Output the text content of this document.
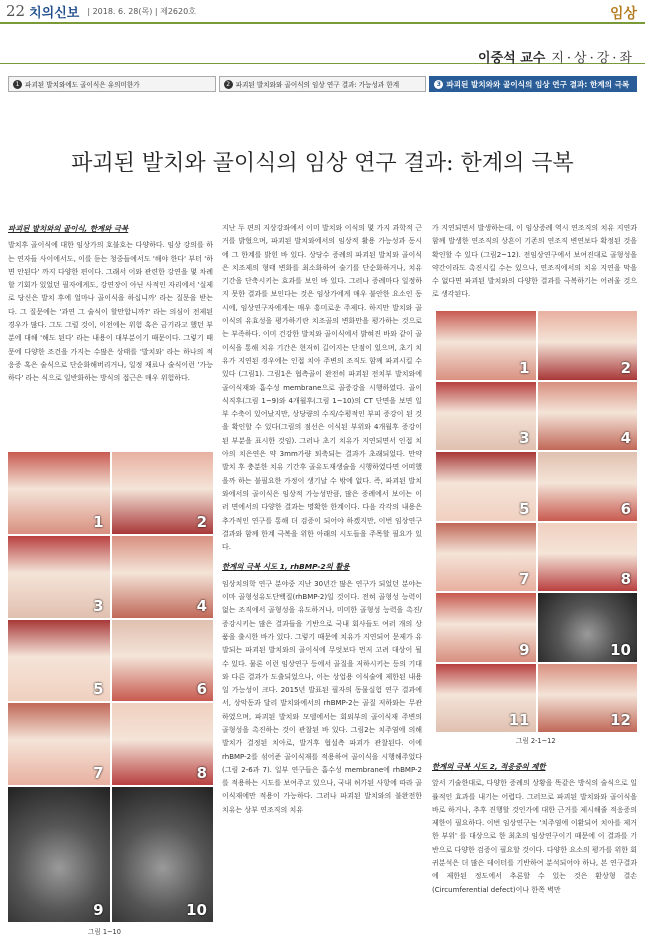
22 치의신보 | 2018. 6. 28(목) | 제2620호	임상
이중석 교수 지·상·강·좌
1 파괴된 발치와에도 골이식은 유의미한가	2 파괴된 발치와와 골이식의 임상 연구 결과: 가능성과 한계	3 파괴된 발치와와 골이식의 임상 연구 결과: 한계의 극복
파괴된 발치와 골이식의 임상 연구 결과: 한계의 극복
파괴된 발치와의 골이식, 한계와 극복
발치후 골이식에 대한 임상가의 호불호는 다양하다. 임상 강의를 하는 연자들 사이에서도, 이를 듣는 청중들에서도 '해야 한다' 부터 '하면 안된다' 까지 다양한 편이다. 그래서 이와 관련한 강연을 몇 차례 할 기회가 있었던 필자에게도, 강연장이 아닌 사적인 자리에서 '실제로 당신은 발치 후에 얼마나 골이식을 하십니까' 라는 질문을 받는다. 그 질문에는 '과연 그 술식이 할만합니까?' 라는 의심이 전제된 경우가 많다. 그도 그럴 것이, 이전에는 위험 혹은 금기라고 했던 부분에 대해 '해도 된다' 라는 내용이 대부분이기 때문이다. 그렇기 때문에 다양한 조건을 가지는 수많은 상태를 '발치와' 라는 하나의 적응증 혹은 술식으로 단순화해버리거나, 일정 재료나 술식이런 '가능하다' 라는 식으로 일반화하는 방식의 접근은 매우 위험하다.
1	2
3	4
5	6
7	8
9	10
그림 1~10
지난 두 편의 지상강좌에서 이미 발치와 이식의 몇 가지 과학적 근거를 밝혔으며, 파괴된 발치와에서의 임상적 활용 가능성과 동시에 그 한계를 밝힌 바 있다. 상당수 증례의 파괴된 발치와 골이식은 치조제의 형태 변화를 최소화하여 술기를 단순화하거나, 치유기간을 단축시키는 효과를 보인 바 있다. 그러나 증례마다 일정하지 못한 결과를 보인다는 것은 임상가에게 매우 불안한 요소인 동시에, 임상연구자에게는 매우 흥미로운 주제다. 하지만 발치와 골이식의 유효성을 평가하기란 치조골의 변화만을 평가하는 것으로는 부족하다. 이미 건강한 발치와 골이식에서 밝혀진 바와 같이 골이식을 통해 치유 기간은 현저히 길어지는 단점이 있으며, 초기 치유가 지연된 경우에는 인접 치아 주변의 조직도 함께 파괴시킬 수 있다 (그림1). 그림1은 협측골이 완전히 파괴된 전치부 발치와에 골이식재와 흡수성 membrane으로 골증강을 시행하였다. 골이식직후(그림 1~9)와 4개월후(그림 1~10)의 CT 단면을 보면 일부 수축이 있어났지만, 상당량의 수직/수평적인 부피 증강이 된 것을 확인할 수 있다(그림의 점선은 이식된 부위와 4개월후 증강이 된 부분을 표시한 것임). 그러나 초기 치유가 지연되면서 인접 치아의 치은연은 약 3mm가량 퇴축되는 결과가 초래되었다. 만약 발치 후 충분한 치유 기간후 골유도재생술을 시행하였다면 어떠했을까 하는 불필요한 가정이 생기날 수 밖에 없다. 즉, 파괴된 발치와에서의 골이식은 임상적 가능성만큼, 많은 증례에서 보이는 이러 면에서의 다양한 결과는 명확한 한계이다. 다음 각각의 내용은 추가적인 연구를 통해 더 검증이 되어야 하겠지만, 이번 임상연구 결과와 함께 한계 극복을 위한 아래의 시도들을 주목할 필요가 있다.
한계의 극복 시도 1, rhBMP-2의 활용
임상치의학 연구 분야중 지난 30년간 많은 연구가 되었던 분야는 이마 골형성유도단백질(rhBMP-2)일 것이다. 전혀 골형성 능력이 없는 조직에서 골형성을 유도하거나, 미미한 골형성 능력을 촉진/증강시키는 많은 결과들을 기반으로 국내 회사들도 여러 개의 상품을 출시한 바가 있다. 그렇기 때문에 치유가 지연되어 문제가 유발되는 파괴된 발치와의 골이식에 무엇보다 먼저 고려 대상이 될 수 있다. 물론 이런 임상연구 등에서 골질을 저하시키는 등의 기대와 다른 결과가 도출되었으나, 이는 상업용 이식술에 제한된 내용일 가능성이 크다. 2015년 발표된 필자의 동물실험 연구 결과에서, 상악동과 달리 발치와에서의 rhBMP-2는 골질 저하와는 무관하였으며, 파괴된 발치와 모델에서는 회외부의 골이식재 주변의 골형성을 촉진하는 것이 관찰된 바 있다. 그림2는 치주염에 의해 발치가 결정된 치아로, 발거후 협설측 파괴가 관찰된다. 이에 rhBMP-2를 섞어준 골이식재를 적용하여 골이식을 시행해주었다(그림 2-6과 7). 일부 연구들은 흡수성 membrane에 rhBMP-2를 적용하는 시도를 보여주고 있으나, 국내 허가된 사항에 따라 골이식재에만 적용이 가능하다. 그러나 파괴된 발치와의 불완전한 치유는 상부 연조직의 치유
가 지연되면서 발생하는데, 이 임상증례 역시 연조직의 치유 지연과 함께 발생한 연조직의 상흔이 기존의 연조직 변연보다 확정된 것을 확인할 수 있다 (그림2~12). 전임상연구에서 보여진대로 골형성을 약간이라도 촉진시킬 수는 있으나, 연조직에서의 치유 지연을 막을 수 없다면 파괴된 발치와의 다양한 결과를 극복하기는 어려울 것으로 생각된다.
1	2
3	4
5	6
7	8
9	10
11	12
그림 2-1~12
한계의 극복 시도 2, 적응증의 제한
앞서 기술한대로, 다양한 증례의 상황을 똑같은 방식의 술식으로 일률적인 효과를 내기는 어렵다. 그러므로 파괴된 발치와와 골이식을 바로 하거나, 추후 진행할 것인가에 대한 근거를 제시해줄 적응증의 제한이 필요하다. 이번 임상연구는 '치주염에 이환되어 치아를 제거한 부위' 를 대상으로 한 최초의 임상연구이기 때문에 이 결과를 기반으로 다양한 검증이 필요할 것이다. 다양한 요소의 평가를 위한 회귀분석은 더 많은 데이터를 기반하여 분석되어야 하나, 본 연구결과에 제한된 정도에서 추론할 수 있는 것은 환상형 결손(Circumferential defect)이나 한쪽 벽만
